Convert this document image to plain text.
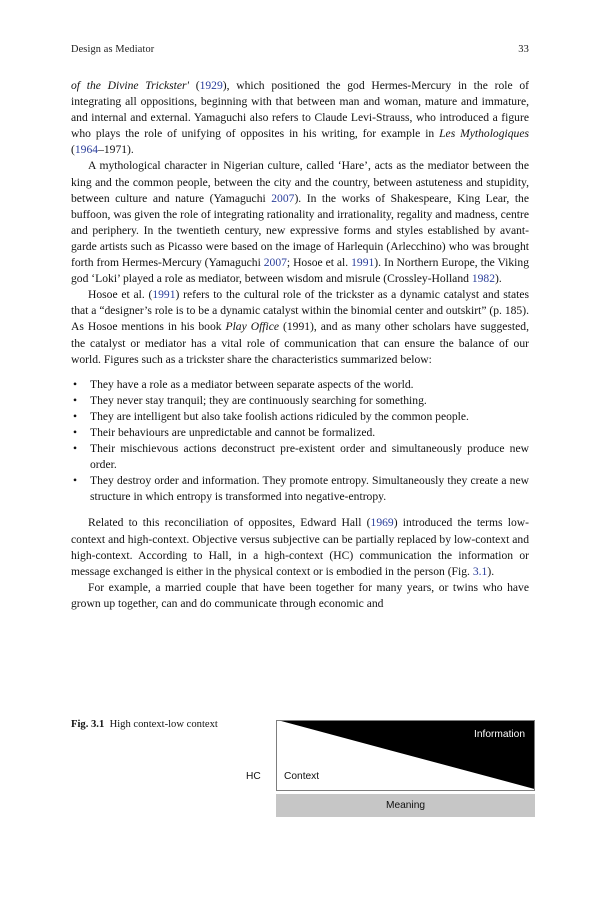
Design as Mediator	33

of the Divine Trickster' (1929), which positioned the god Hermes-Mercury in the role of integrating all oppositions, beginning with that between man and woman, mature and immature, and internal and external. Yamaguchi also refers to Claude Levi-Strauss, who introduced a figure who plays the role of unifying of opposites in his writing, for example in Les Mythologiques (1964–1971).

A mythological character in Nigerian culture, called ‘Hare’, acts as the mediator between the king and the common people, between the city and the country, between astuteness and stupidity, between culture and nature (Yamaguchi 2007). In the works of Shakespeare, King Lear, the buffoon, was given the role of integrating rationality and irrationality, regality and madness, centre and periphery. In the twentieth century, new expressive forms and styles established by avant-garde artists such as Picasso were based on the image of Harlequin (Arlecchino) who was brought forth from Hermes-Mercury (Yamaguchi 2007; Hosoe et al. 1991). In Northern Europe, the Viking god ‘Loki’ played a role as mediator, between wisdom and misrule (Crossley-Holland 1982).

Hosoe et al. (1991) refers to the cultural role of the trickster as a dynamic catalyst and states that a “designer’s role is to be a dynamic catalyst within the binomial center and outskirt” (p. 185). As Hosoe mentions in his book Play Office (1991), and as many other scholars have suggested, the catalyst or mediator has a vital role of communication that can ensure the balance of our world. Figures such as a trickster share the characteristics summarized below:

• They have a role as a mediator between separate aspects of the world.
• They never stay tranquil; they are continuously searching for something.
• They are intelligent but also take foolish actions ridiculed by the common people.
• Their behaviours are unpredictable and cannot be formalized.
• Their mischievous actions deconstruct pre-existent order and simultaneously produce new order.
• They destroy order and information. They promote entropy. Simultaneously they create a new structure in which entropy is transformed into negative-entropy.

Related to this reconciliation of opposites, Edward Hall (1969) introduced the terms low-context and high-context. Objective versus subjective can be partially replaced by low-context and high-context. According to Hall, in a high-context (HC) communication the information or message exchanged is either in the physical context or is embodied in the person (Fig. 3.1).

For example, a married couple that have been together for many years, or twins who have grown up together, can and do communicate through economic and

Fig. 3.1 High context-low context
HC Context
Information
Meaning
